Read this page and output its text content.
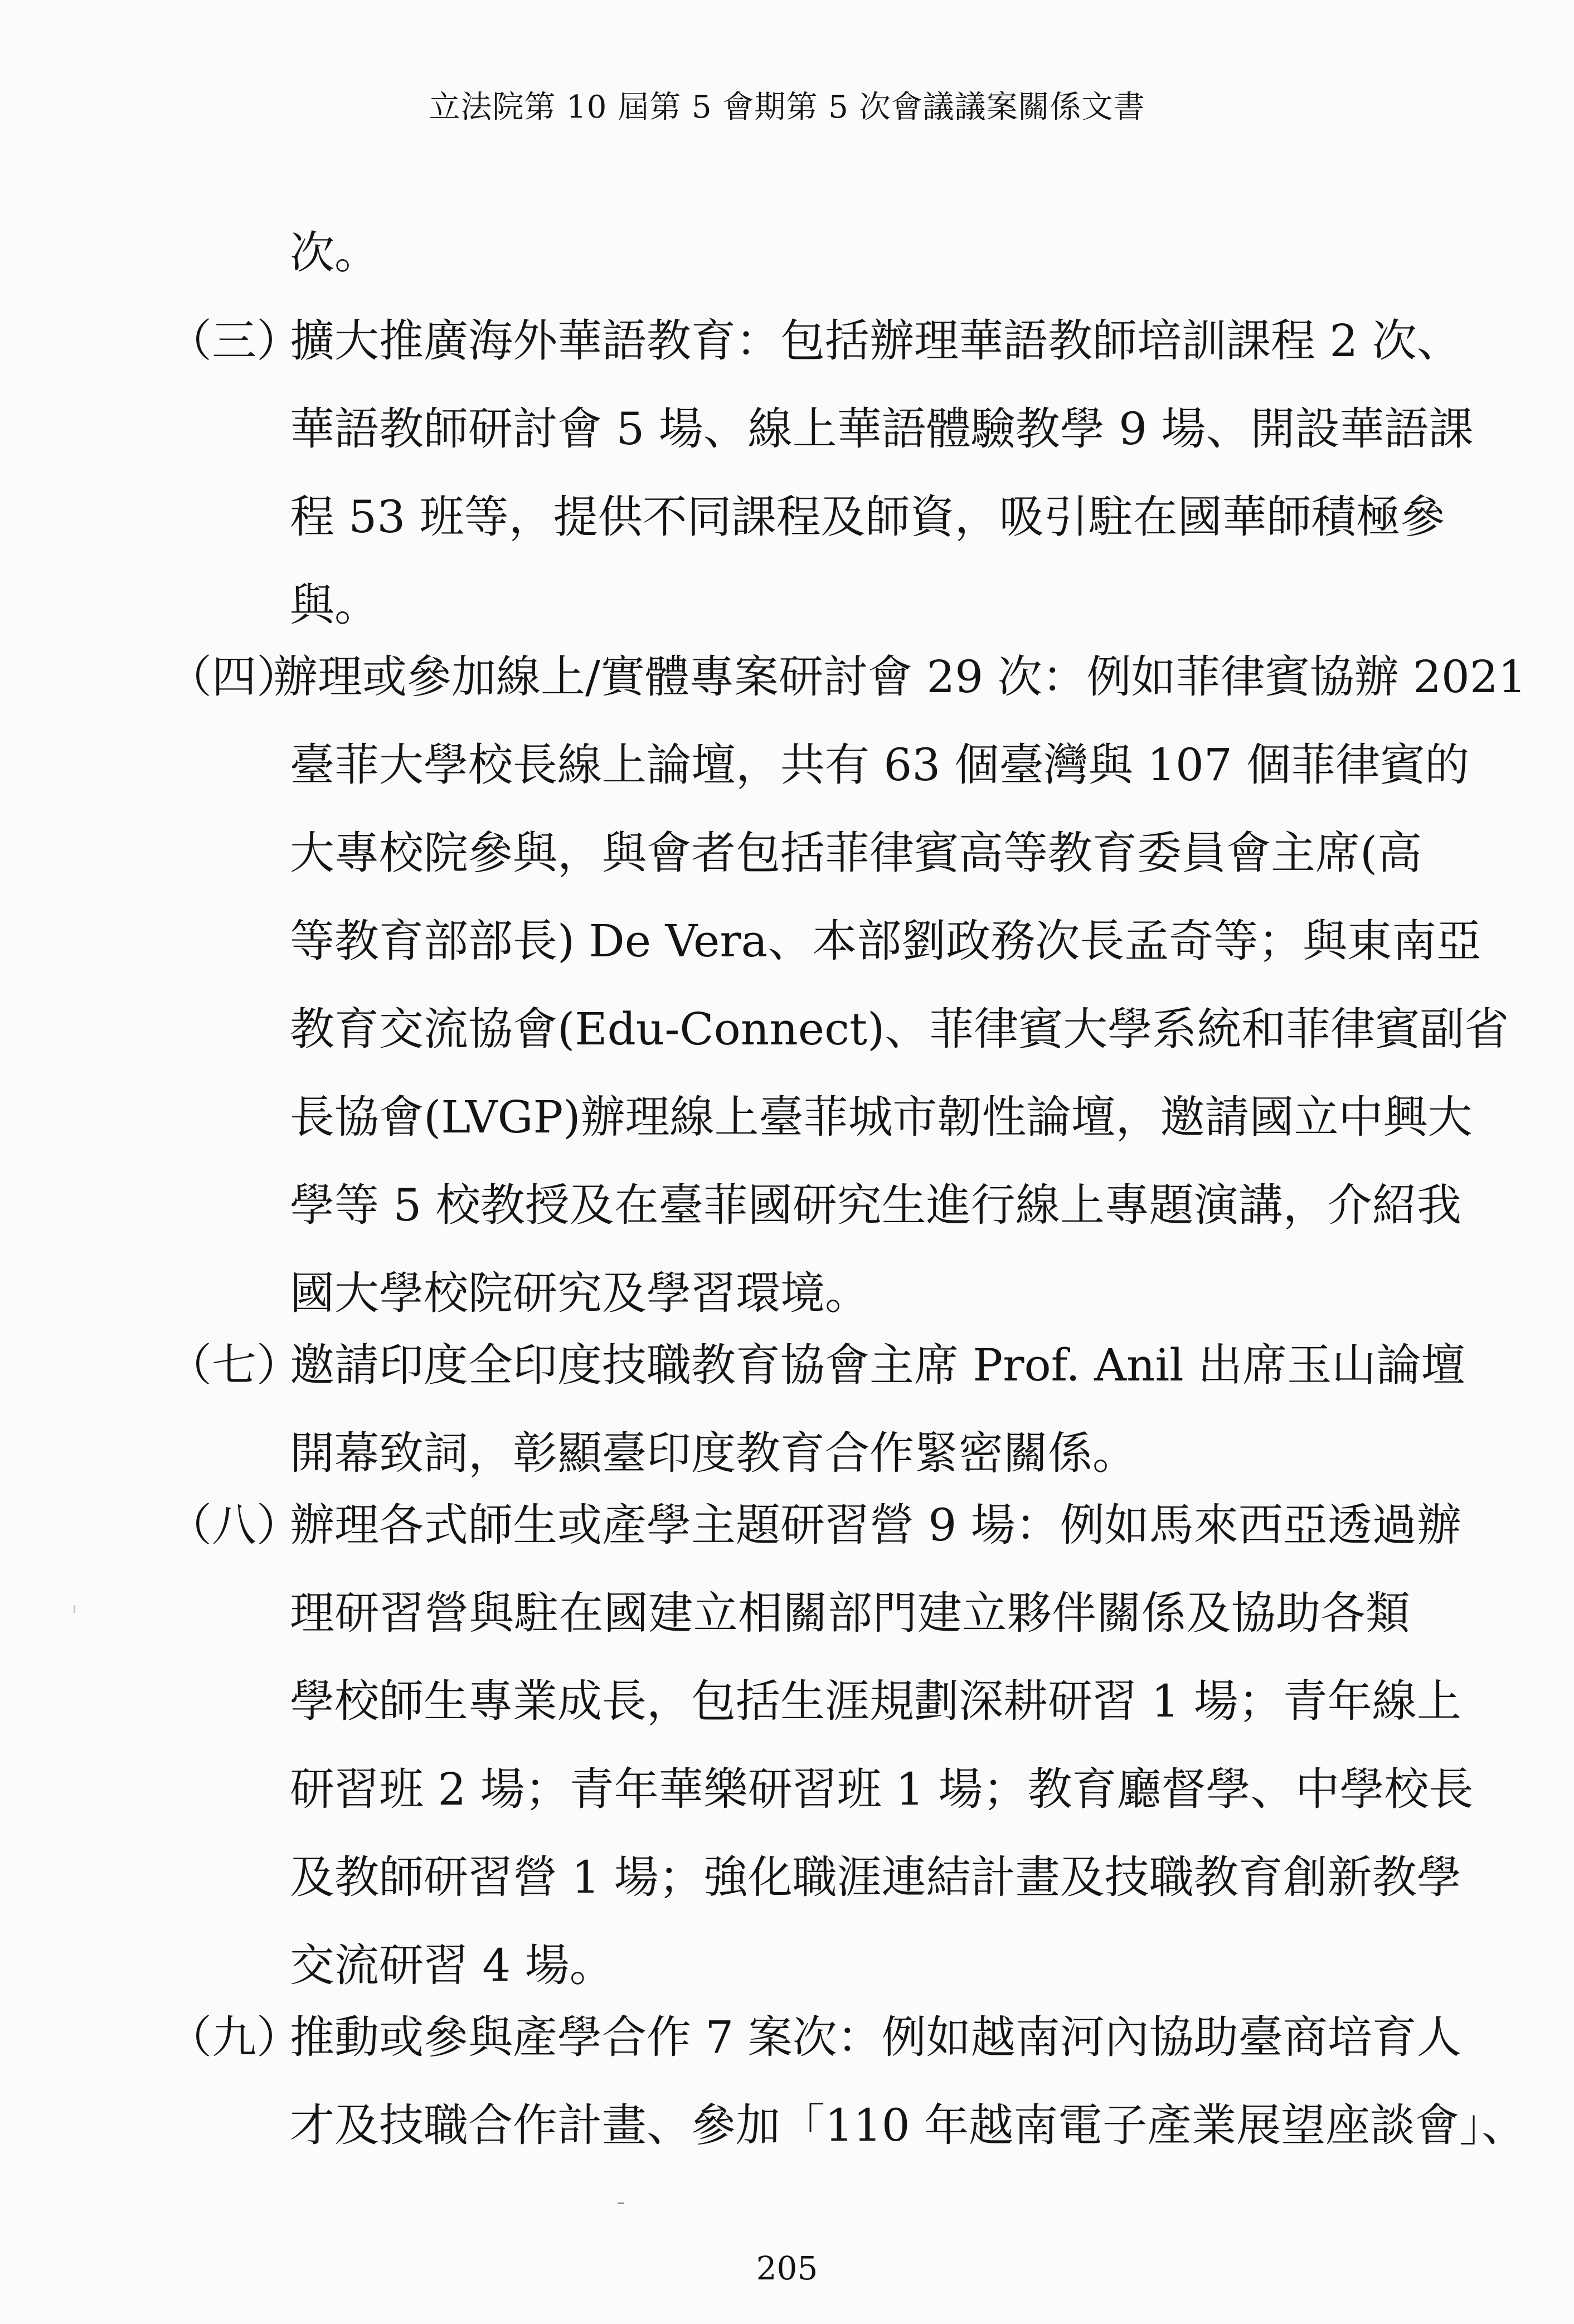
立法院第 10 屆第 5 會期第 5 次會議議案關係文書
次。
（三）
擴大推廣海外華語教育：包括辦理華語教師培訓課程 2 次、
華語教師研討會 5 場、線上華語體驗教學 9 場、開設華語課
程 53 班等，提供不同課程及師資，吸引駐在國華師積極參
與。
（四）
辦理或參加線上/實體專案研討會 29 次：例如菲律賓協辦 2021
臺菲大學校長線上論壇，共有 63 個臺灣與 107 個菲律賓的
大專校院參與，與會者包括菲律賓高等教育委員會主席(高
等教育部部長) De Vera、本部劉政務次長孟奇等；與東南亞
教育交流協會(Edu-Connect)、菲律賓大學系統和菲律賓副省
長協會(LVGP)辦理線上臺菲城市韌性論壇，邀請國立中興大
學等 5 校教授及在臺菲國研究生進行線上專題演講，介紹我
國大學校院研究及學習環境。
（七）
邀請印度全印度技職教育協會主席 Prof. Anil 出席玉山論壇
開幕致詞，彰顯臺印度教育合作緊密關係。
（八）
辦理各式師生或產學主題研習營 9 場：例如馬來西亞透過辦
理研習營與駐在國建立相關部門建立夥伴關係及協助各類
學校師生專業成長，包括生涯規劃深耕研習 1 場；青年線上
研習班 2 場；青年華樂研習班 1 場；教育廳督學、中學校長
及教師研習營 1 場；強化職涯連結計畫及技職教育創新教學
交流研習 4 場。
（九）
推動或參與產學合作 7 案次：例如越南河內協助臺商培育人
才及技職合作計畫、參加「110 年越南電子產業展望座談會」、
205
